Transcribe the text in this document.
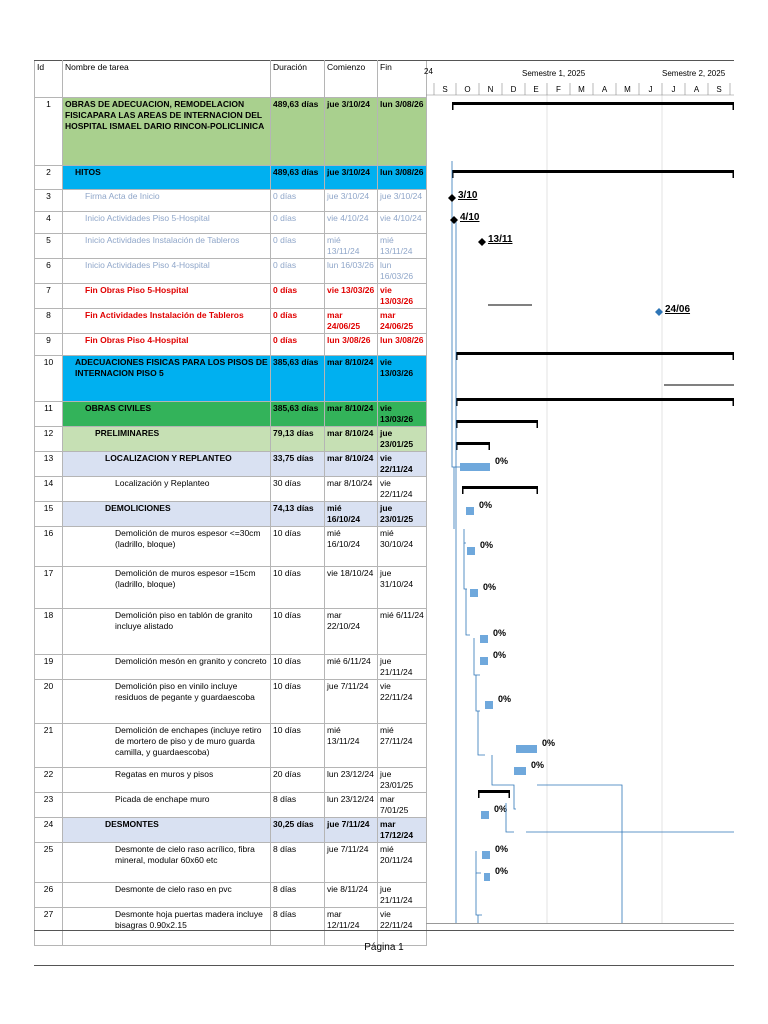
Id	Nombre de tarea	Duración	Comienzo	Fin
1	OBRAS DE ADECUACION, REMODELACION FISICAPARA LAS AREAS DE INTERNACION DEL HOSPITAL ISMAEL DARIO RINCON-POLICLINICA	489,63 días	jue 3/10/24	lun 3/08/26
2	HITOS	489,63 días	jue 3/10/24	lun 3/08/26
3	Firma Acta de Inicio	0 días	jue 3/10/24	jue 3/10/24
4	Inicio Actividades Piso 5-Hospital	0 días	vie 4/10/24	vie 4/10/24
5	Inicio Actividades Instalación de Tableros	0 días	mié 13/11/24	mié 13/11/24
6	Inicio Actividades Piso 4-Hospital	0 días	lun 16/03/26	lun 16/03/26
7	Fin Obras Piso 5-Hospital	0 días	vie 13/03/26	vie 13/03/26
8	Fin Actividades Instalación de Tableros	0 días	mar 24/06/25	mar 24/06/25
9	Fin Obras Piso 4-Hospital	0 días	lun 3/08/26	lun 3/08/26
10	ADECUACIONES FISICAS PARA LOS PISOS DE INTERNACION PISO 5	385,63 días	mar 8/10/24	vie 13/03/26
11	OBRAS CIVILES	385,63 días	mar 8/10/24	vie 13/03/26
12	PRELIMINARES	79,13 días	mar 8/10/24	jue 23/01/25
13	LOCALIZACION Y REPLANTEO	33,75 días	mar 8/10/24	vie 22/11/24
14	Localización y Replanteo	30 días	mar 8/10/24	vie 22/11/24
15	DEMOLICIONES	74,13 días	mié 16/10/24	jue 23/01/25
16	Demolición de muros espesor <=30cm (ladrillo, bloque)	10 días	mié 16/10/24	mié 30/10/24
17	Demolición de muros espesor =15cm (ladrillo, bloque)	10 días	vie 18/10/24	jue 31/10/24
18	Demolición piso en tablón de granito incluye alistado	10 días	mar 22/10/24	mié 6/11/24
19	Demolición mesón en granito y concreto	10 días	mié 6/11/24	jue 21/11/24
20	Demolición piso en vinilo incluye residuos de pegante y guardaescoba	10 días	jue 7/11/24	vie 22/11/24
21	Demolición de enchapes (incluye retiro de mortero de piso y de muro guarda camilla, y guardaescoba)	10 días	mié 13/11/24	mié 27/11/24
22	Regatas en muros y pisos	20 días	lun 23/12/24	jue 23/01/25
23	Picada de enchape muro	8 días	lun 23/12/24	mar 7/01/25
24	DESMONTES	30,25 días	jue 7/11/24	mar 17/12/24
25	Desmonte de cielo raso acrílico, fibra mineral, modular 60x60 etc	8 días	jue 7/11/24	mié 20/11/24
26	Desmonte de cielo raso en pvc	8 días	vie 8/11/24	jue 21/11/24
27	Desmonte hoja puertas madera incluye bisagras 0.90x2.15	8 días	mar 12/11/24	vie 22/11/24
24	Semestre 1, 2025	Semestre 2, 2025
S O N D E F M A M J J A S
0%
0%
0%
0%
0%
0%
0%
0%
0%
0%
0%
0%
3/10
4/10
13/11
24/06
Página 1
